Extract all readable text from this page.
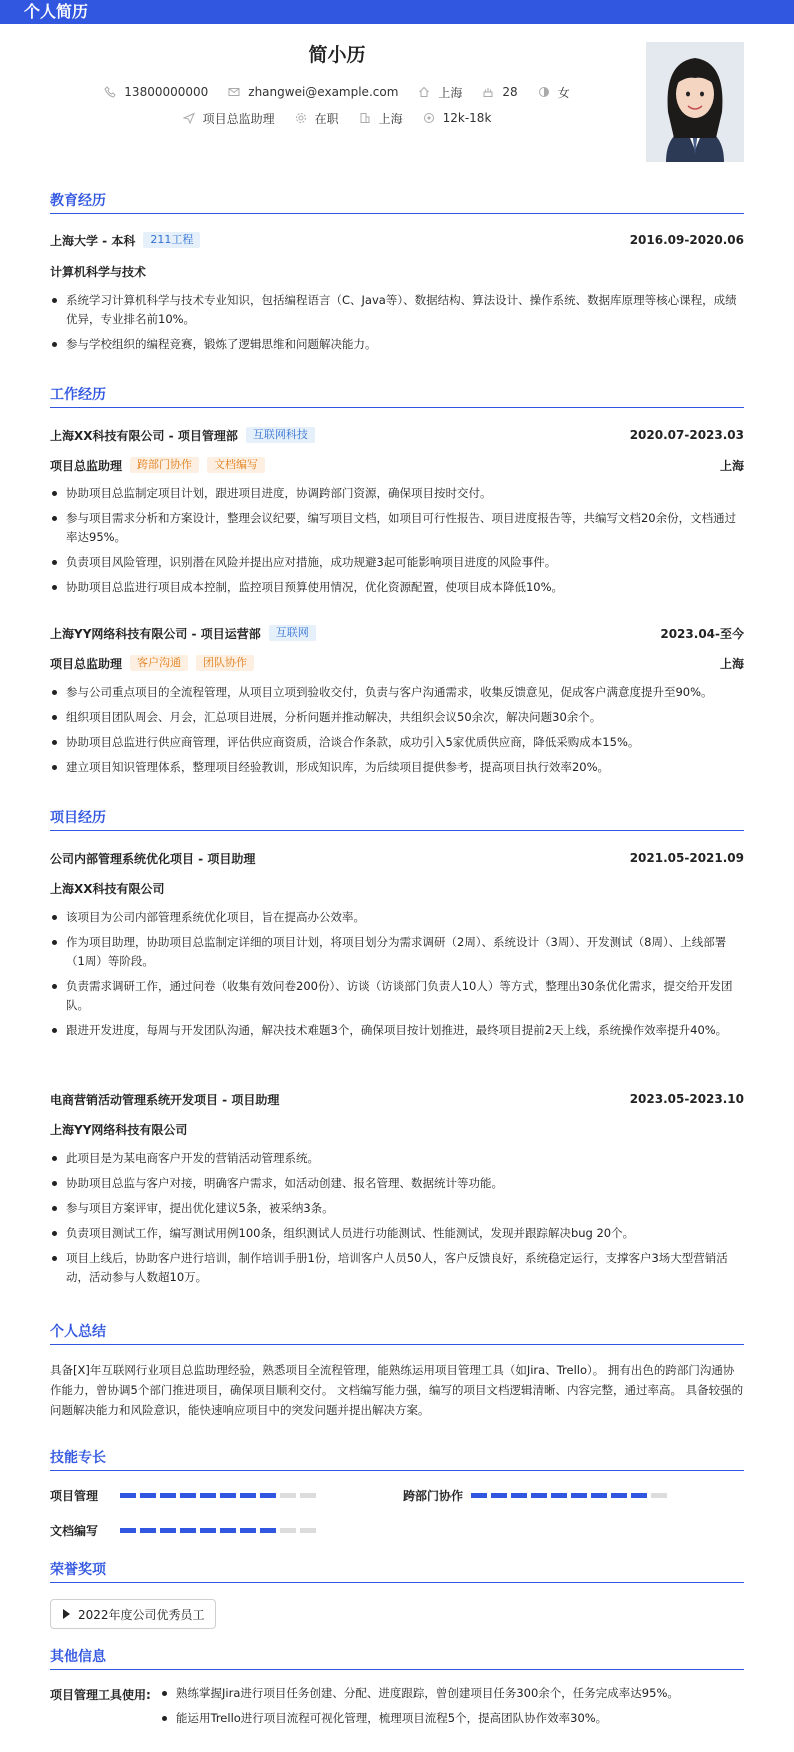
个人简历
简小历
13800000000	zhangwei@example.com	上海	28	女
项目总监助理	在职	上海	12k-18k
教育经历
上海大学 - 本科	211工程	2016.09-2020.06
计算机科学与技术
系统学习计算机科学与技术专业知识，包括编程语言（C、Java等）、数据结构、算法设计、操作系统、数据库原理等核心课程，成绩优异，专业排名前10%。
参与学校组织的编程竞赛，锻炼了逻辑思维和问题解决能力。
工作经历
上海XX科技有限公司 - 项目管理部	互联网科技	2020.07-2023.03
项目总监助理	跨部门协作	文档编写	上海
协助项目总监制定项目计划，跟进项目进度，协调跨部门资源，确保项目按时交付。
参与项目需求分析和方案设计，整理会议纪要，编写项目文档，如项目可行性报告、项目进度报告等，共编写文档20余份，文档通过率达95%。
负责项目风险管理，识别潜在风险并提出应对措施，成功规避3起可能影响项目进度的风险事件。
协助项目总监进行项目成本控制，监控项目预算使用情况，优化资源配置，使项目成本降低10%。
上海YY网络科技有限公司 - 项目运营部	互联网	2023.04-至今
项目总监助理	客户沟通	团队协作	上海
参与公司重点项目的全流程管理，从项目立项到验收交付，负责与客户沟通需求，收集反馈意见，促成客户满意度提升至90%。
组织项目团队周会、月会，汇总项目进展，分析问题并推动解决，共组织会议50余次，解决问题30余个。
协助项目总监进行供应商管理，评估供应商资质，洽谈合作条款，成功引入5家优质供应商，降低采购成本15%。
建立项目知识管理体系，整理项目经验教训，形成知识库，为后续项目提供参考，提高项目执行效率20%。
项目经历
公司内部管理系统优化项目 - 项目助理	2021.05-2021.09
上海XX科技有限公司
该项目为公司内部管理系统优化项目，旨在提高办公效率。
作为项目助理，协助项目总监制定详细的项目计划，将项目划分为需求调研（2周）、系统设计（3周）、开发测试（8周）、上线部署（1周）等阶段。
负责需求调研工作，通过问卷（收集有效问卷200份）、访谈（访谈部门负责人10人）等方式，整理出30条优化需求，提交给开发团队。
跟进开发进度，每周与开发团队沟通，解决技术难题3个，确保项目按计划推进，最终项目提前2天上线，系统操作效率提升40%。
电商营销活动管理系统开发项目 - 项目助理	2023.05-2023.10
上海YY网络科技有限公司
此项目是为某电商客户开发的营销活动管理系统。
协助项目总监与客户对接，明确客户需求，如活动创建、报名管理、数据统计等功能。
参与项目方案评审，提出优化建议5条，被采纳3条。
负责项目测试工作，编写测试用例100条，组织测试人员进行功能测试、性能测试，发现并跟踪解决bug 20个。
项目上线后，协助客户进行培训，制作培训手册1份，培训客户人员50人，客户反馈良好，系统稳定运行，支撑客户3场大型营销活动，活动参与人数超10万。
个人总结
具备[X]年互联网行业项目总监助理经验，熟悉项目全流程管理，能熟练运用项目管理工具（如Jira、Trello）。 拥有出色的跨部门沟通协作能力，曾协调5个部门推进项目，确保项目顺利交付。 文档编写能力强，编写的项目文档逻辑清晰、内容完整，通过率高。 具备较强的问题解决能力和风险意识，能快速响应项目中的突发问题并提出解决方案。
技能专长
项目管理	跨部门协作
文档编写
荣誉奖项
2022年度公司优秀员工
其他信息
项目管理工具使用:	熟练掌握Jira进行项目任务创建、分配、进度跟踪，曾创建项目任务300余个，任务完成率达95%。
能运用Trello进行项目流程可视化管理，梳理项目流程5个，提高团队协作效率30%。
